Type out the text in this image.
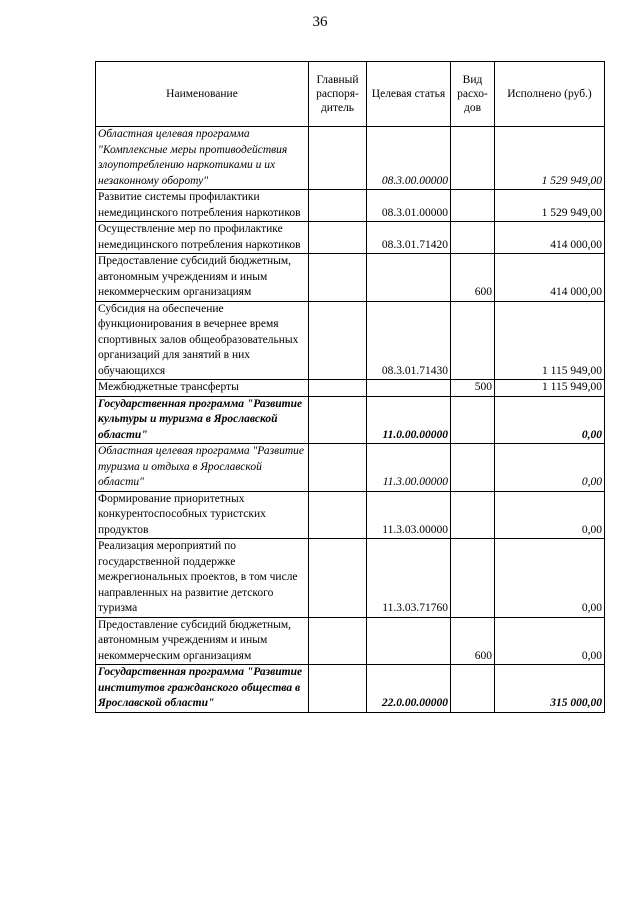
36
Наименование	Главный распоря-дитель	Целевая статья	Вид расхо-дов	Исполнено (руб.)
Областная целевая программа "Комплексные меры противодействия злоупотреблению наркотиками и их незаконному обороту"		08.3.00.00000		1 529 949,00
Развитие системы профилактики немедицинского потребления наркотиков		08.3.01.00000		1 529 949,00
Осуществление мер по профилактике немедицинского потребления наркотиков		08.3.01.71420		414 000,00
Предоставление субсидий бюджетным, автономным учреждениям и иным некоммерческим организациям			600	414 000,00
Субсидия на обеспечение функционирования в вечернее время спортивных залов общеобразовательных организаций для занятий в них обучающихся		08.3.01.71430		1 115 949,00
Межбюджетные трансферты			500	1 115 949,00
Государственная программа "Развитие культуры и туризма в Ярославской области"		11.0.00.00000		0,00
Областная целевая программа "Развитие туризма и отдыха в Ярославской области"		11.3.00.00000		0,00
Формирование приоритетных конкурентоспособных туристских продуктов		11.3.03.00000		0,00
Реализация мероприятий по государственной поддержке межрегиональных проектов, в том числе направленных на развитие детского туризма		11.3.03.71760		0,00
Предоставление субсидий бюджетным, автономным учреждениям и иным некоммерческим организациям			600	0,00
Государственная программа "Развитие институтов гражданского общества в Ярославской области"		22.0.00.00000		315 000,00
